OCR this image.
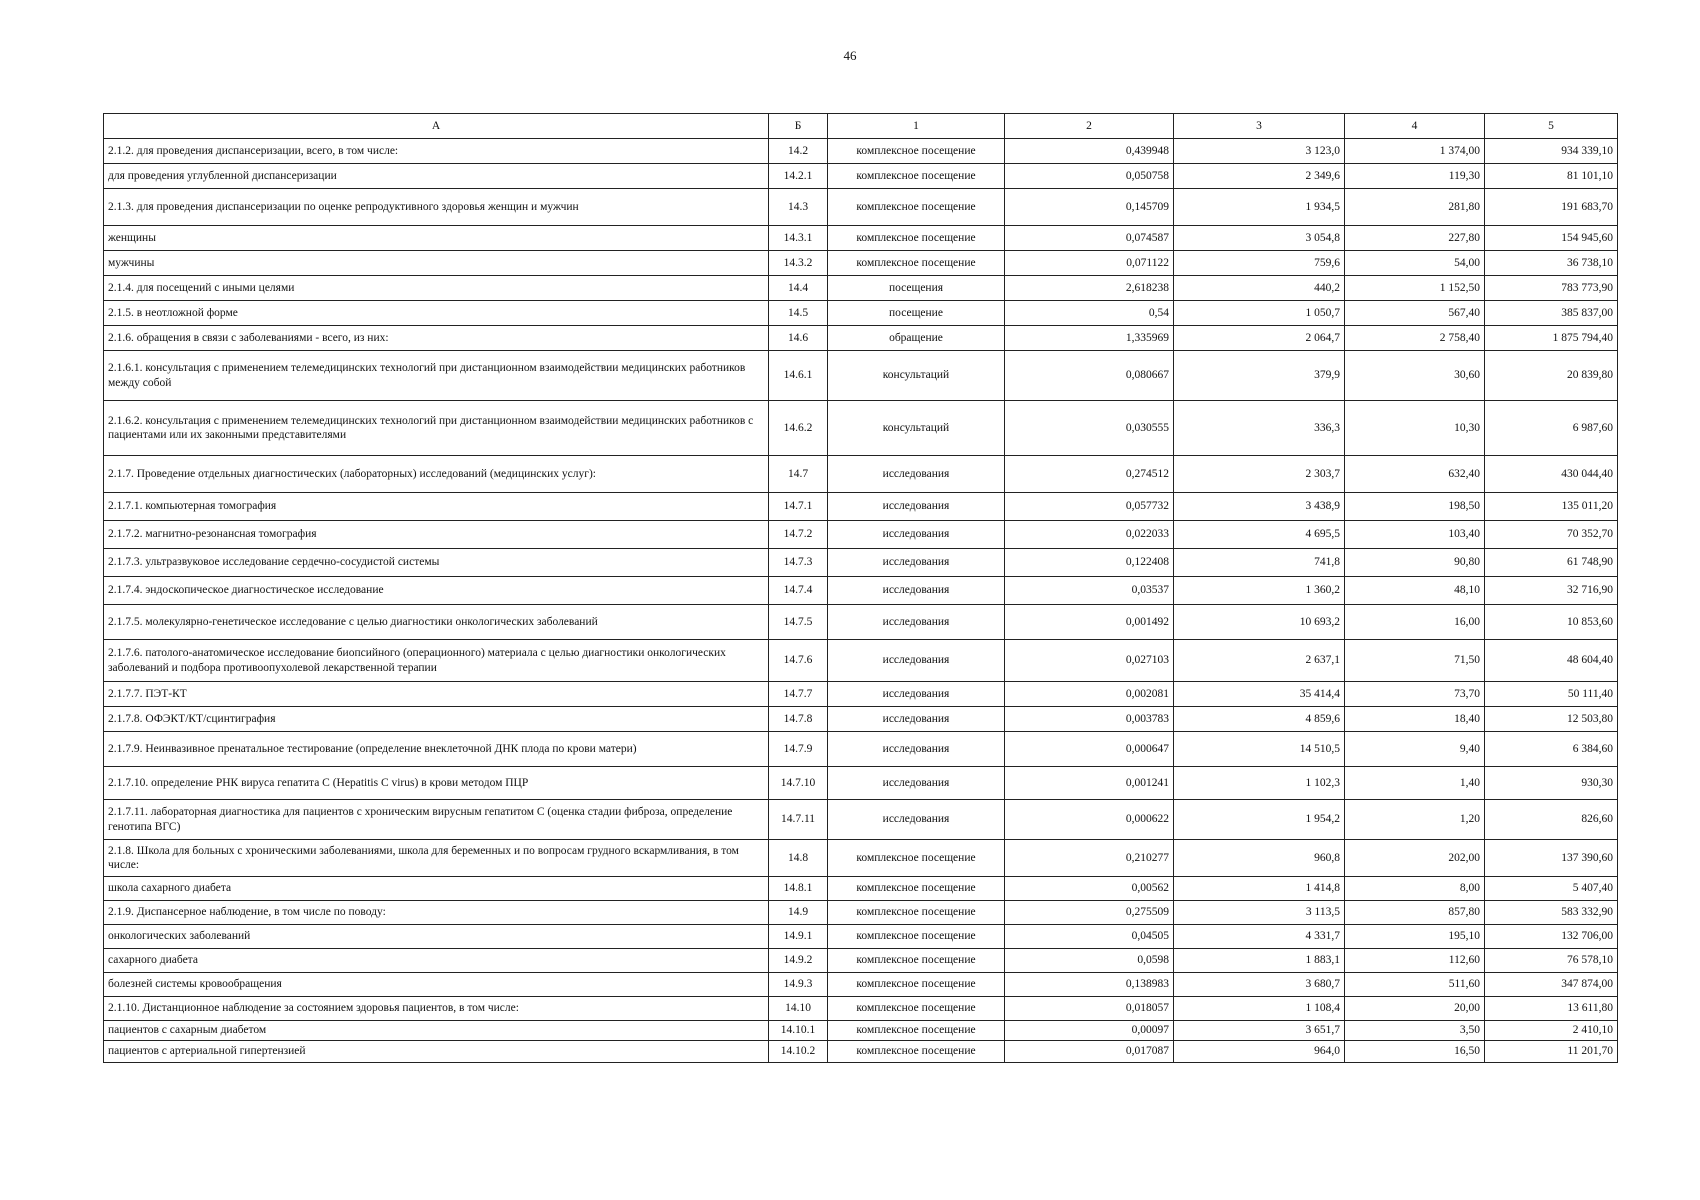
46
А	Б	1	2	3	4	5
2.1.2. для проведения диспансеризации, всего, в том числе:	14.2	комплексное посещение	0,439948	3 123,0	1 374,00	934 339,10
для проведения углубленной диспансеризации	14.2.1	комплексное посещение	0,050758	2 349,6	119,30	81 101,10
2.1.3. для проведения диспансеризации по оценке репродуктивного здоровья женщин и мужчин	14.3	комплексное посещение	0,145709	1 934,5	281,80	191 683,70
женщины	14.3.1	комплексное посещение	0,074587	3 054,8	227,80	154 945,60
мужчины	14.3.2	комплексное посещение	0,071122	759,6	54,00	36 738,10
2.1.4. для посещений с иными целями	14.4	посещения	2,618238	440,2	1 152,50	783 773,90
2.1.5. в неотложной форме	14.5	посещение	0,54	1 050,7	567,40	385 837,00
2.1.6. обращения в связи с заболеваниями - всего, из них:	14.6	обращение	1,335969	2 064,7	2 758,40	1 875 794,40
2.1.6.1. консультация с применением телемедицинских технологий при дистанционном взаимодействии медицинских работников между собой	14.6.1	консультаций	0,080667	379,9	30,60	20 839,80
2.1.6.2. консультация с применением телемедицинских технологий при дистанционном взаимодействии медицинских работников с пациентами или их законными представителями	14.6.2	консультаций	0,030555	336,3	10,30	6 987,60
2.1.7. Проведение отдельных диагностических (лабораторных) исследований (медицинских услуг):	14.7	исследования	0,274512	2 303,7	632,40	430 044,40
2.1.7.1. компьютерная томография	14.7.1	исследования	0,057732	3 438,9	198,50	135 011,20
2.1.7.2. магнитно-резонансная томография	14.7.2	исследования	0,022033	4 695,5	103,40	70 352,70
2.1.7.3. ультразвуковое исследование сердечно-сосудистой системы	14.7.3	исследования	0,122408	741,8	90,80	61 748,90
2.1.7.4. эндоскопическое диагностическое исследование	14.7.4	исследования	0,03537	1 360,2	48,10	32 716,90
2.1.7.5. молекулярно-генетическое исследование с целью диагностики онкологических заболеваний	14.7.5	исследования	0,001492	10 693,2	16,00	10 853,60
2.1.7.6. патолого-анатомическое исследование биопсийного (операционного) материала с целью диагностики онкологических заболеваний и подбора противоопухолевой лекарственной терапии	14.7.6	исследования	0,027103	2 637,1	71,50	48 604,40
2.1.7.7. ПЭТ-КТ	14.7.7	исследования	0,002081	35 414,4	73,70	50 111,40
2.1.7.8. ОФЭКТ/КТ/сцинтиграфия	14.7.8	исследования	0,003783	4 859,6	18,40	12 503,80
2.1.7.9. Неинвазивное пренатальное тестирование (определение внеклеточной ДНК плода по крови матери)	14.7.9	исследования	0,000647	14 510,5	9,40	6 384,60
2.1.7.10. определение РНК вируса гепатита С (Hepatitis C virus) в крови методом ПЦР	14.7.10	исследования	0,001241	1 102,3	1,40	930,30
2.1.7.11. лабораторная диагностика для пациентов с хроническим вирусным гепатитом С (оценка стадии фиброза, определение генотипа ВГС)	14.7.11	исследования	0,000622	1 954,2	1,20	826,60
2.1.8. Школа для больных с хроническими заболеваниями, школа для беременных и по вопросам грудного вскармливания, в том числе:	14.8	комплексное посещение	0,210277	960,8	202,00	137 390,60
школа сахарного диабета	14.8.1	комплексное посещение	0,00562	1 414,8	8,00	5 407,40
2.1.9. Диспансерное наблюдение, в том числе по поводу:	14.9	комплексное посещение	0,275509	3 113,5	857,80	583 332,90
онкологических заболеваний	14.9.1	комплексное посещение	0,04505	4 331,7	195,10	132 706,00
сахарного диабета	14.9.2	комплексное посещение	0,0598	1 883,1	112,60	76 578,10
болезней системы кровообращения	14.9.3	комплексное посещение	0,138983	3 680,7	511,60	347 874,00
2.1.10. Дистанционное наблюдение за состоянием здоровья пациентов, в том числе:	14.10	комплексное посещение	0,018057	1 108,4	20,00	13 611,80
пациентов с сахарным диабетом	14.10.1	комплексное посещение	0,00097	3 651,7	3,50	2 410,10
пациентов с артериальной гипертензией	14.10.2	комплексное посещение	0,017087	964,0	16,50	11 201,70
